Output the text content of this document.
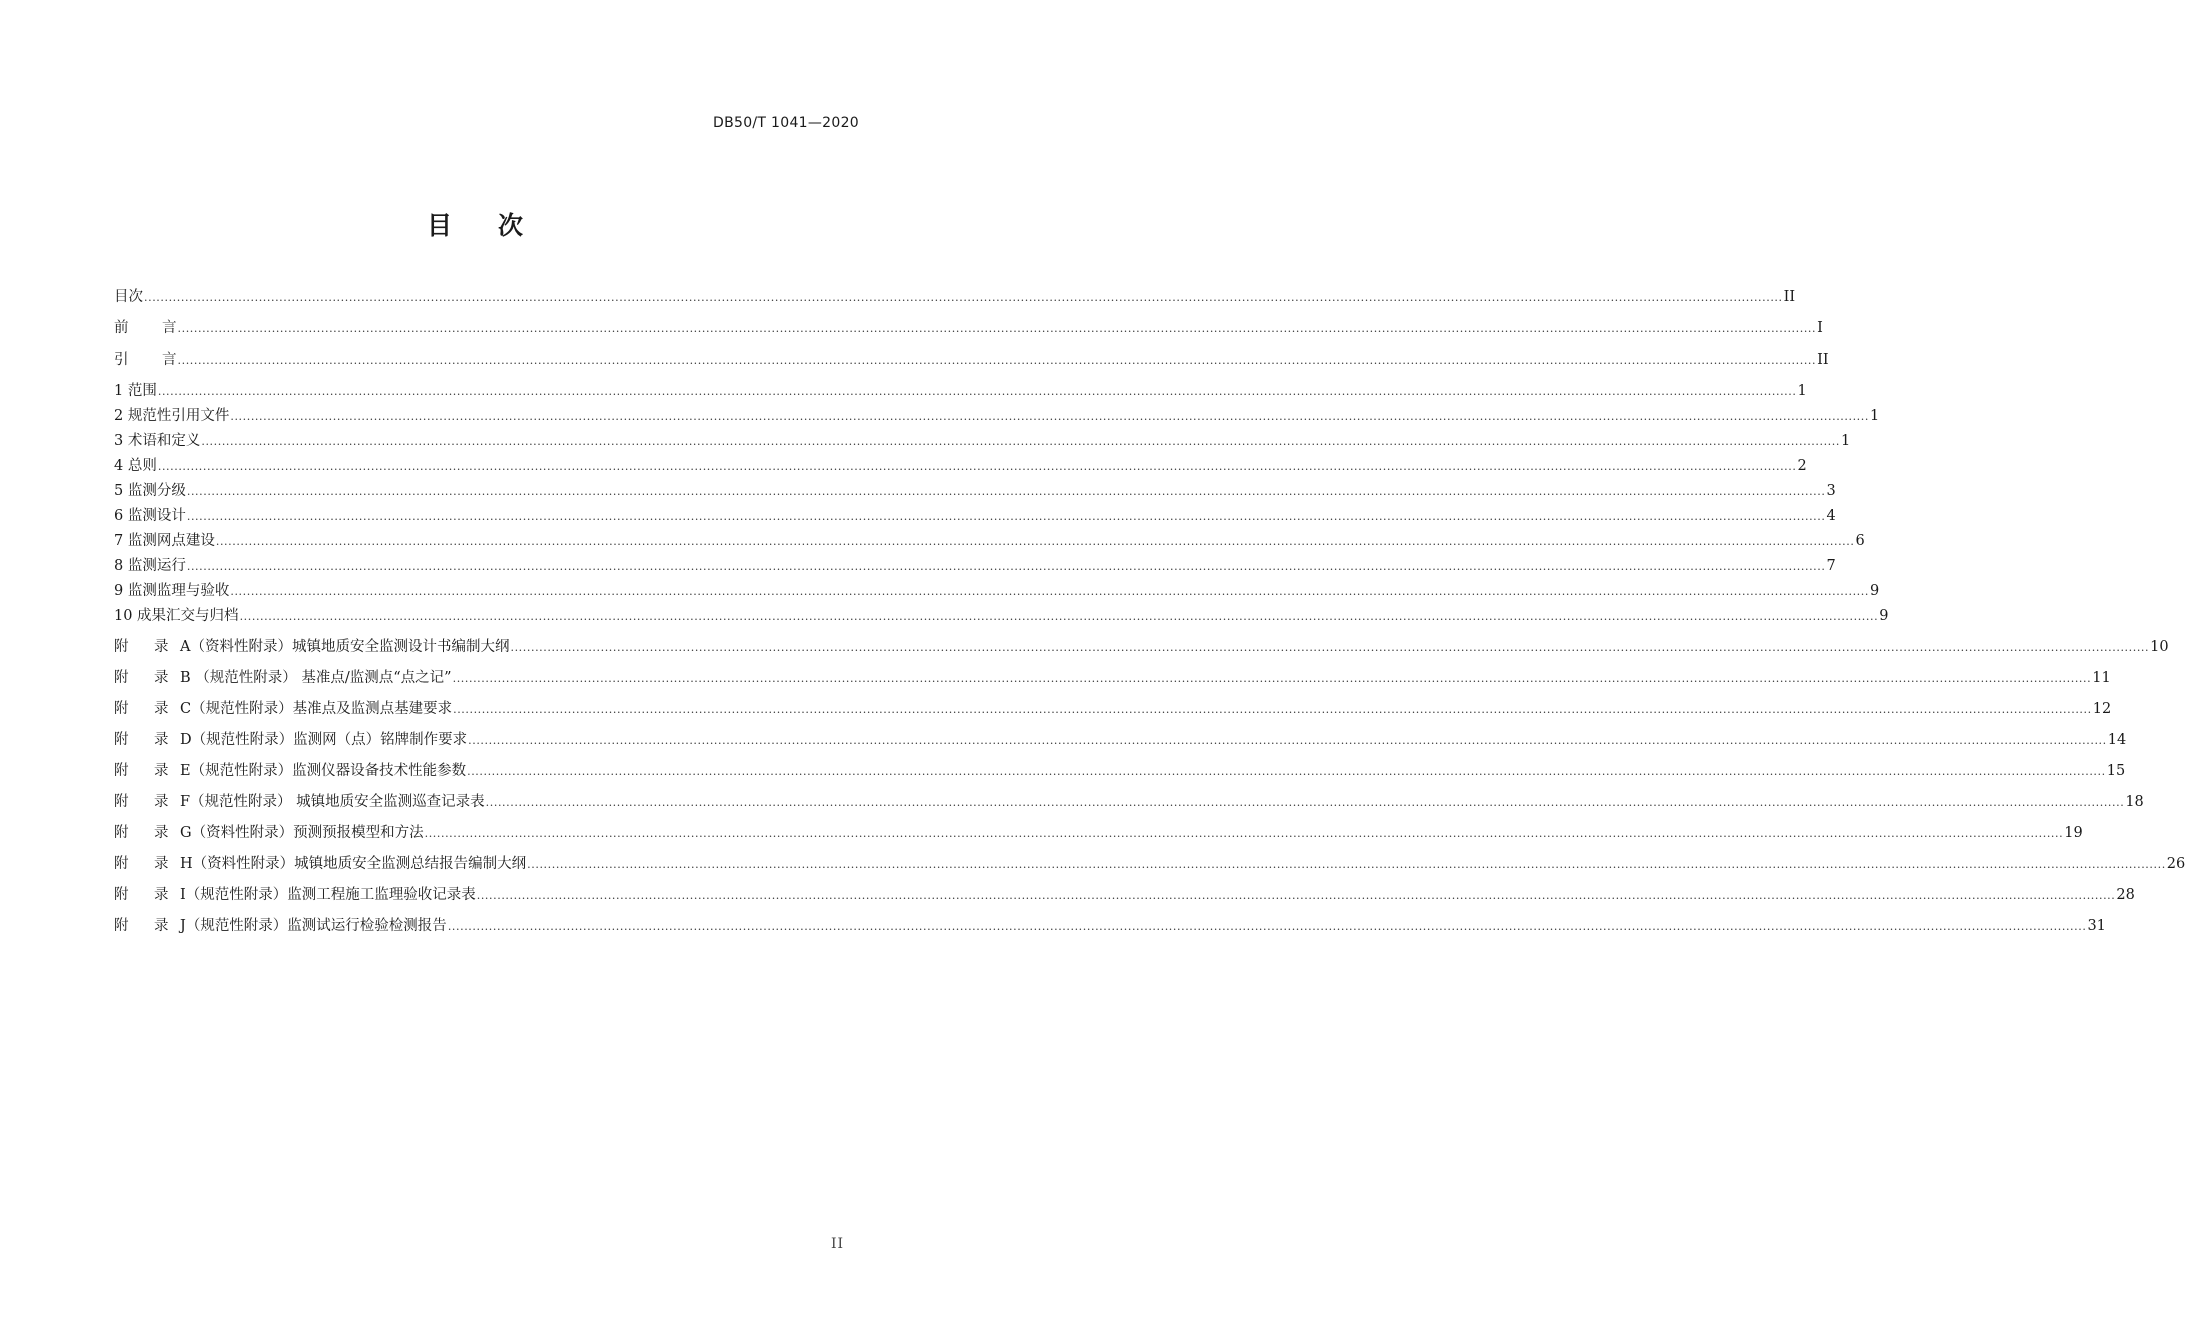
DB50/T 1041—2020
目 次
目次 ................................................................................................................................................................................................................................................................................................................................................................................................................ II
前 言 ................................................................................................................................................................................................................................................................................................................................................................................................................ I
引 言 ................................................................................................................................................................................................................................................................................................................................................................................................................ II
1 范围 ................................................................................................................................................................................................................................................................................................................................................................................................................ 1
2 规范性引用文件 ................................................................................................................................................................................................................................................................................................................................................................................................................ 1
3 术语和定义 ................................................................................................................................................................................................................................................................................................................................................................................................................ 1
4 总则 ................................................................................................................................................................................................................................................................................................................................................................................................................ 2
5 监测分级 ................................................................................................................................................................................................................................................................................................................................................................................................................ 3
6 监测设计 ................................................................................................................................................................................................................................................................................................................................................................................................................ 4
7 监测网点建设 ................................................................................................................................................................................................................................................................................................................................................................................................................ 6
8 监测运行 ................................................................................................................................................................................................................................................................................................................................................................................................................ 7
9 监测监理与验收 ................................................................................................................................................................................................................................................................................................................................................................................................................ 9
10 成果汇交与归档 ................................................................................................................................................................................................................................................................................................................................................................................................................ 9
附 录 A（资料性附录）城镇地质安全监测设计书编制大纲 ................................................................................................................................................................................................................................................................................................................................................................................................................ 10
附 录 B （规范性附录） 基准点/监测点“点之记” ................................................................................................................................................................................................................................................................................................................................................................................................................ 11
附 录 C（规范性附录）基准点及监测点基建要求 ................................................................................................................................................................................................................................................................................................................................................................................................................ 12
附 录 D（规范性附录）监测网（点）铭牌制作要求 ................................................................................................................................................................................................................................................................................................................................................................................................................ 14
附 录 E（规范性附录）监测仪器设备技术性能参数 ................................................................................................................................................................................................................................................................................................................................................................................................................ 15
附 录 F（规范性附录） 城镇地质安全监测巡查记录表 ................................................................................................................................................................................................................................................................................................................................................................................................................ 18
附 录 G（资料性附录）预测预报模型和方法 ................................................................................................................................................................................................................................................................................................................................................................................................................ 19
附 录 H（资料性附录）城镇地质安全监测总结报告编制大纲 ................................................................................................................................................................................................................................................................................................................................................................................................................ 26
附 录 I（规范性附录）监测工程施工监理验收记录表 ................................................................................................................................................................................................................................................................................................................................................................................................................ 28
附 录 J（规范性附录）监测试运行检验检测报告 ................................................................................................................................................................................................................................................................................................................................................................................................................ 31
II
